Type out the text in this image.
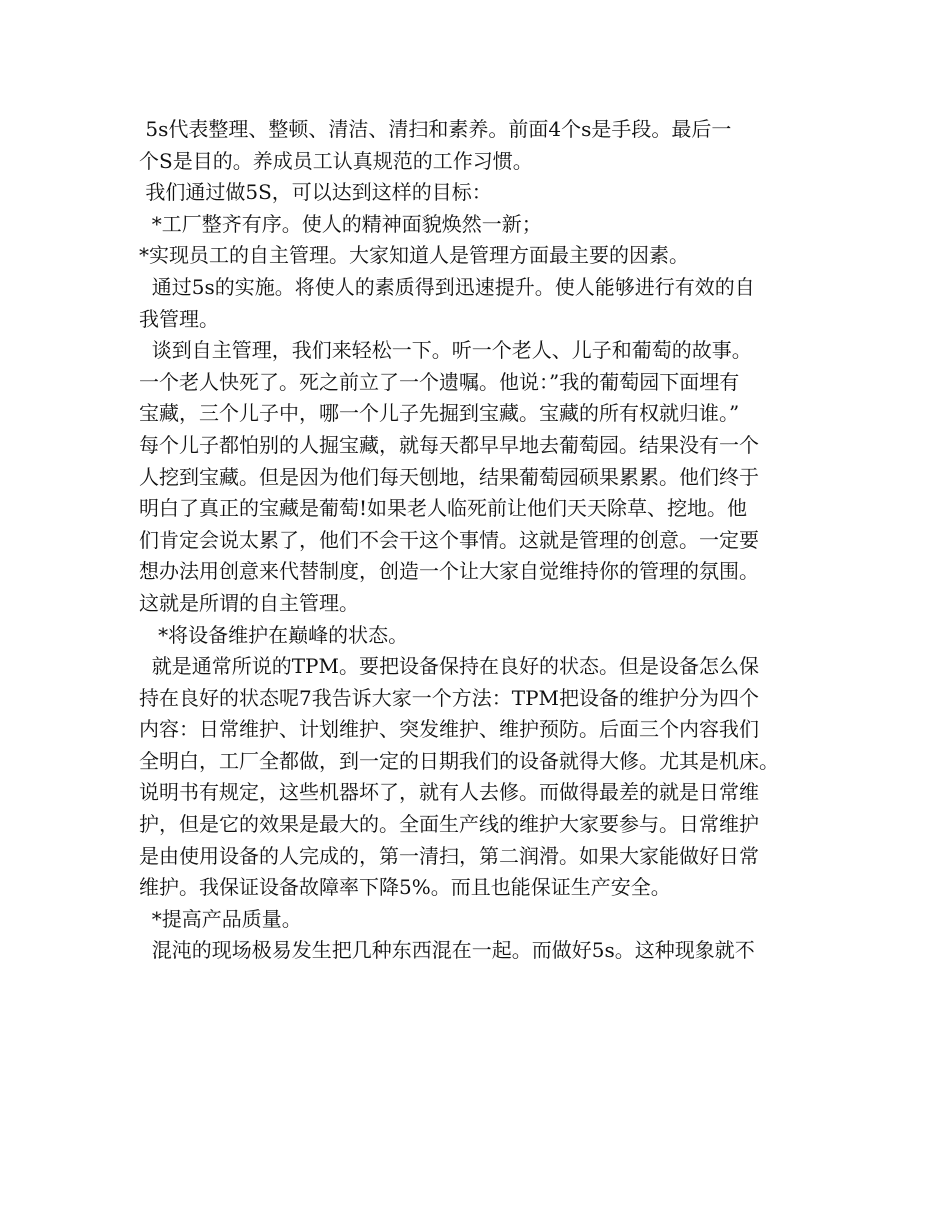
5s代表整理、整顿、清洁、清扫和素养。前面4个s是手段。最后一
个S是目的。养成员工认真规范的工作习惯。
我们通过做5S，可以达到这样的目标：
*工厂整齐有序。使人的精神面貌焕然一新；
*实现员工的自主管理。大家知道人是管理方面最主要的因素。
通过5s的实施。将使人的素质得到迅速提升。使人能够进行有效的自
我管理。
谈到自主管理，我们来轻松一下。听一个老人、儿子和葡萄的故事。
一个老人快死了。死之前立了一个遗嘱。他说：”我的葡萄园下面埋有
宝藏，三个儿子中，哪一个儿子先掘到宝藏。宝藏的所有权就归谁。”
每个儿子都怕别的人掘宝藏，就每天都早早地去葡萄园。结果没有一个
人挖到宝藏。但是因为他们每天刨地，结果葡萄园硕果累累。他们终于
明白了真正的宝藏是葡萄!如果老人临死前让他们天天除草、挖地。他
们肯定会说太累了，他们不会干这个事情。这就是管理的创意。一定要
想办法用创意来代替制度，创造一个让大家自觉维持你的管理的氛围。
这就是所谓的自主管理。
*将设备维护在巅峰的状态。
就是通常所说的TPM。要把设备保持在良好的状态。但是设备怎么保
持在良好的状态呢7我告诉大家一个方法：TPM把设备的维护分为四个
内容：日常维护、计划维护、突发维护、维护预防。后面三个内容我们
全明白，工厂全都做，到一定的日期我们的设备就得大修。尤其是机床。
说明书有规定，这些机器坏了，就有人去修。而做得最差的就是日常维
护，但是它的效果是最大的。全面生产线的维护大家要参与。日常维护
是由使用设备的人完成的，第一清扫，第二润滑。如果大家能做好日常
维护。我保证设备故障率下降5%。而且也能保证生产安全。
*提高产品质量。
混沌的现场极易发生把几种东西混在一起。而做好5s。这种现象就不
